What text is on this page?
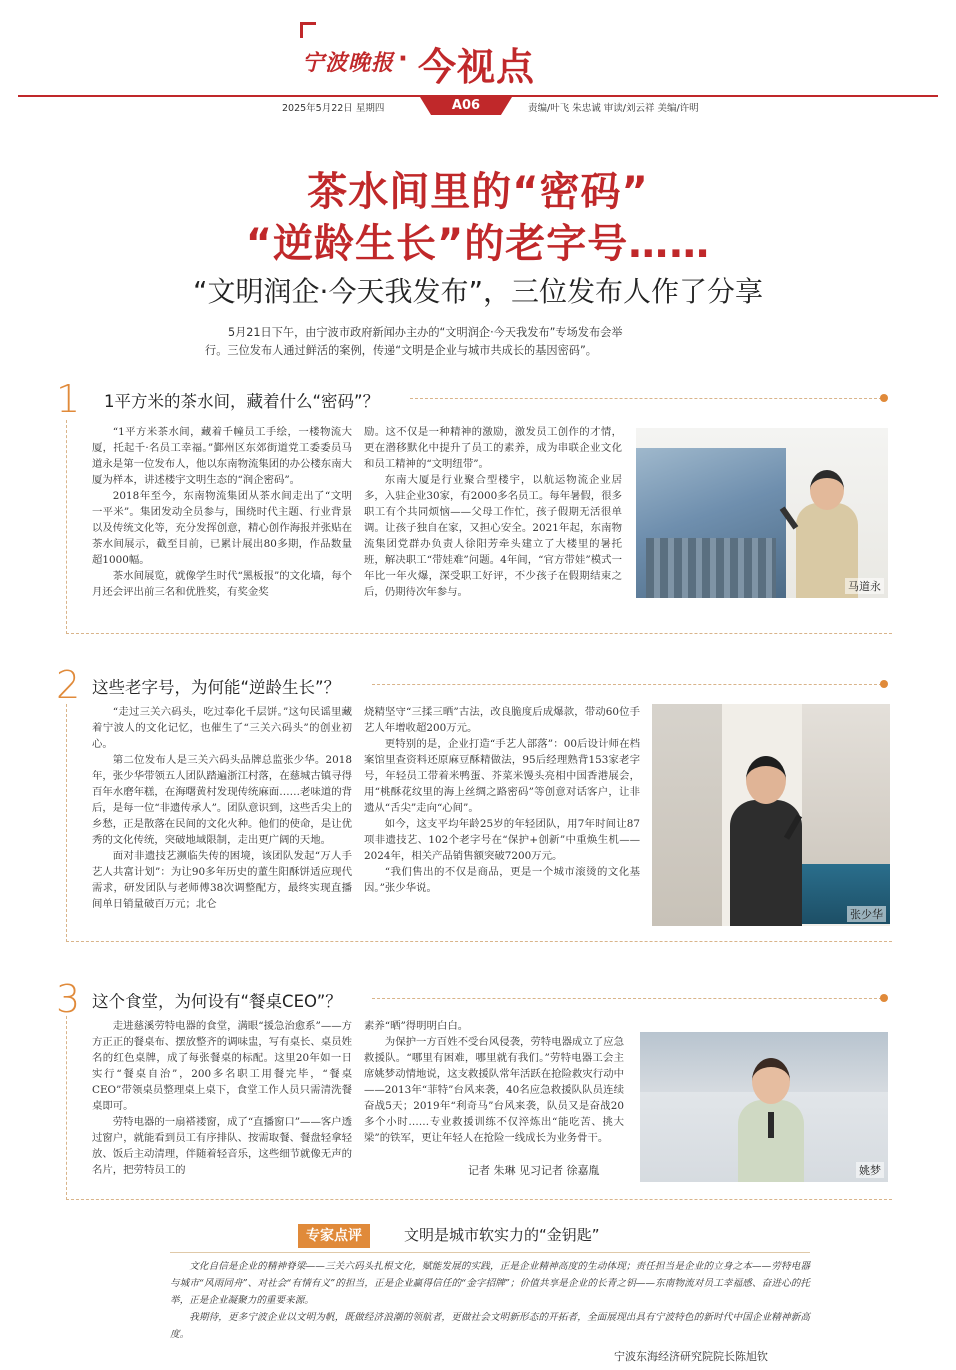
宁波晚报 · 今视点
A06
2025年5月22日 星期四	责编/叶飞 朱忠诚 审读/刘云祥 美编/许明
茶水间里的“密码”
“逆龄生长”的老字号……
“文明润企·今天我发布”，三位发布人作了分享
5月21日下午，由宁波市政府新闻办主办的“文明润企·今天我发布”专场发布会举
行。三位发布人通过鲜活的案例，传递“文明是企业与城市共成长的基因密码”。
1 1平方米的茶水间，藏着什么“密码”？

“1平方米茶水间，藏着千幢员工手绘，一楼物流大厦，托起千·名员工幸福。”鄞州区东郊街道党工委委员马道永是第一位发布人，他以东南物流集团的办公楼东南大厦为样本，讲述楼宇文明生态的“润企密码”。

2018年至今，东南物流集团从茶水间走出了“文明一平米”。集团发动全员参与，围绕时代主题、行业背景以及传统文化等，充分发挥创意，精心创作海报并张贴在茶水间展示，截至目前，已累计展出80多期，作品数量超1000幅。

茶水间展览，就像学生时代“黑板报”的文化墙，每个月还会评出前三名和优胜奖，有奖金奖

励。这不仅是一种精神的激励，激发员工创作的才情，更在潜移默化中提升了员工的素养，成为串联企业文化和员工精神的“文明纽带”。

东南大厦是行业聚合型楼宇，以航运物流企业居多，入驻企业30家，有2000多名员工。每年暑假，很多职工有个共同烦恼——父母工作忙，孩子假期无活很单调。让孩子独自在家，又担心安全。2021年起，东南物流集团党群办负责人徐阳芳牵头建立了大楼里的暑托班，解决职工“带娃难”问题。4年间，“官方带娃”模式一年比一年火爆，深受职工好评，不少孩子在假期结束之后，仍期待次年参与。	马道永
2 这些老字号，为何能“逆龄生长”？

“走过三关六码头，吃过奉化千层饼。”这句民谣里藏着宁波人的文化记忆，也催生了“三关六码头”的创业初心。

第二位发布人是三关六码头品牌总监张少华。2018年，张少华带领五人团队踏遍浙江村落，在慈城古镇寻得百年水磨年糕，在海曙黄村发现传统麻面……老味道的背后，是每一位“非遗传承人”。团队意识到，这些舌尖上的乡愁，正是散落在民间的文化火种。他们的使命，是让优秀的文化传统，突破地域限制，走出更广阔的天地。

面对非遗技艺濒临失传的困境，该团队发起“万人手艺人共富计划”：为让90多年历史的董生阳酥饼适应现代需求，研发团队与老师傅38次调整配方，最终实现直播间单日销量破百万元；北仑

烧精坚守“三揉三晒”古法，改良脆度后成爆款，带动60位手艺人年增收超200万元。

更特别的是，企业打造“手艺人部落”：00后设计师在档案馆里查资料还原麻豆酥精做法，95后经理熟背153家老字号，年轻员工带着米鸭蛋、芥菜米馒头亮相中国香港展会，用“桃酥花纹里的海上丝绸之路密码”等创意对话客户，让非遗从“舌尖”走向“心间”。

如今，这支平均年龄25岁的年轻团队，用7年时间让87项非遗技艺、102个老字号在“保护+创新”中重焕生机——2024年，相关产品销售额突破7200万元。

“我们售出的不仅是商品，更是一个城市滚烫的文化基因。”张少华说。

张少华
3 这个食堂，为何设有“餐桌CEO”？

走进慈溪劳特电器的食堂，满眼“援急治愈系”——方方正正的餐桌布、摆放整齐的调味盅，写有桌长、桌员姓名的红色桌牌，成了每张餐桌的标配。这里20年如一日实行“餐桌自治”，200多名职工用餐完毕，“餐桌CEO”带领桌员整理桌上桌下，食堂工作人员只需清洗餐桌即可。

劳特电器的一扇褡褛窗，成了“直播窗口”——客户透过窗户，就能看到员工有序排队、按需取餐、餐盘轻拿轻放、饭后主动清理，伴随着轻音乐，这些细节就像无声的名片，把劳特员工的

素养“晒”得明明白白。

为保护一方百姓不受台风侵袭，劳特电器成立了应急救援队。“哪里有困难，哪里就有我们。”劳特电器工会主席姚梦动情地说，这支救援队常年活跃在抢险救灾行动中——2013年“菲特”台风来袭，40名应急救援队队员连续奋战5天；2019年“利奇马”台风来袭，队员又是奋战20多个小时……专业救援训练不仅淬炼出“能吃苦、挑大梁”的铁军，更让年轻人在抢险一线成长为业务骨干。

记者 朱琳 见习记者 徐嘉胤	姚梦
专家点评	文明是城市软实力的“金钥匙”

文化自信是企业的精神脊梁——三关六码头扎根文化，赋能发展的实践，正是企业精神高度的生动体现；责任担当是企业的立身之本——劳特电器与城市“风雨同舟”、对社会“有情有义”的担当，正是企业赢得信任的“金字招牌”；价值共享是企业的长青之钥——东南物流对员工幸福感、奋进心的托举，正是企业凝聚力的重要来源。

我期待，更多宁波企业以文明为帆，既做经济浪潮的领航者，更做社会文明新形态的开拓者，全面展现出具有宁波特色的新时代中国企业精神新高度。

宁波东海经济研究院院长陈旭钦
